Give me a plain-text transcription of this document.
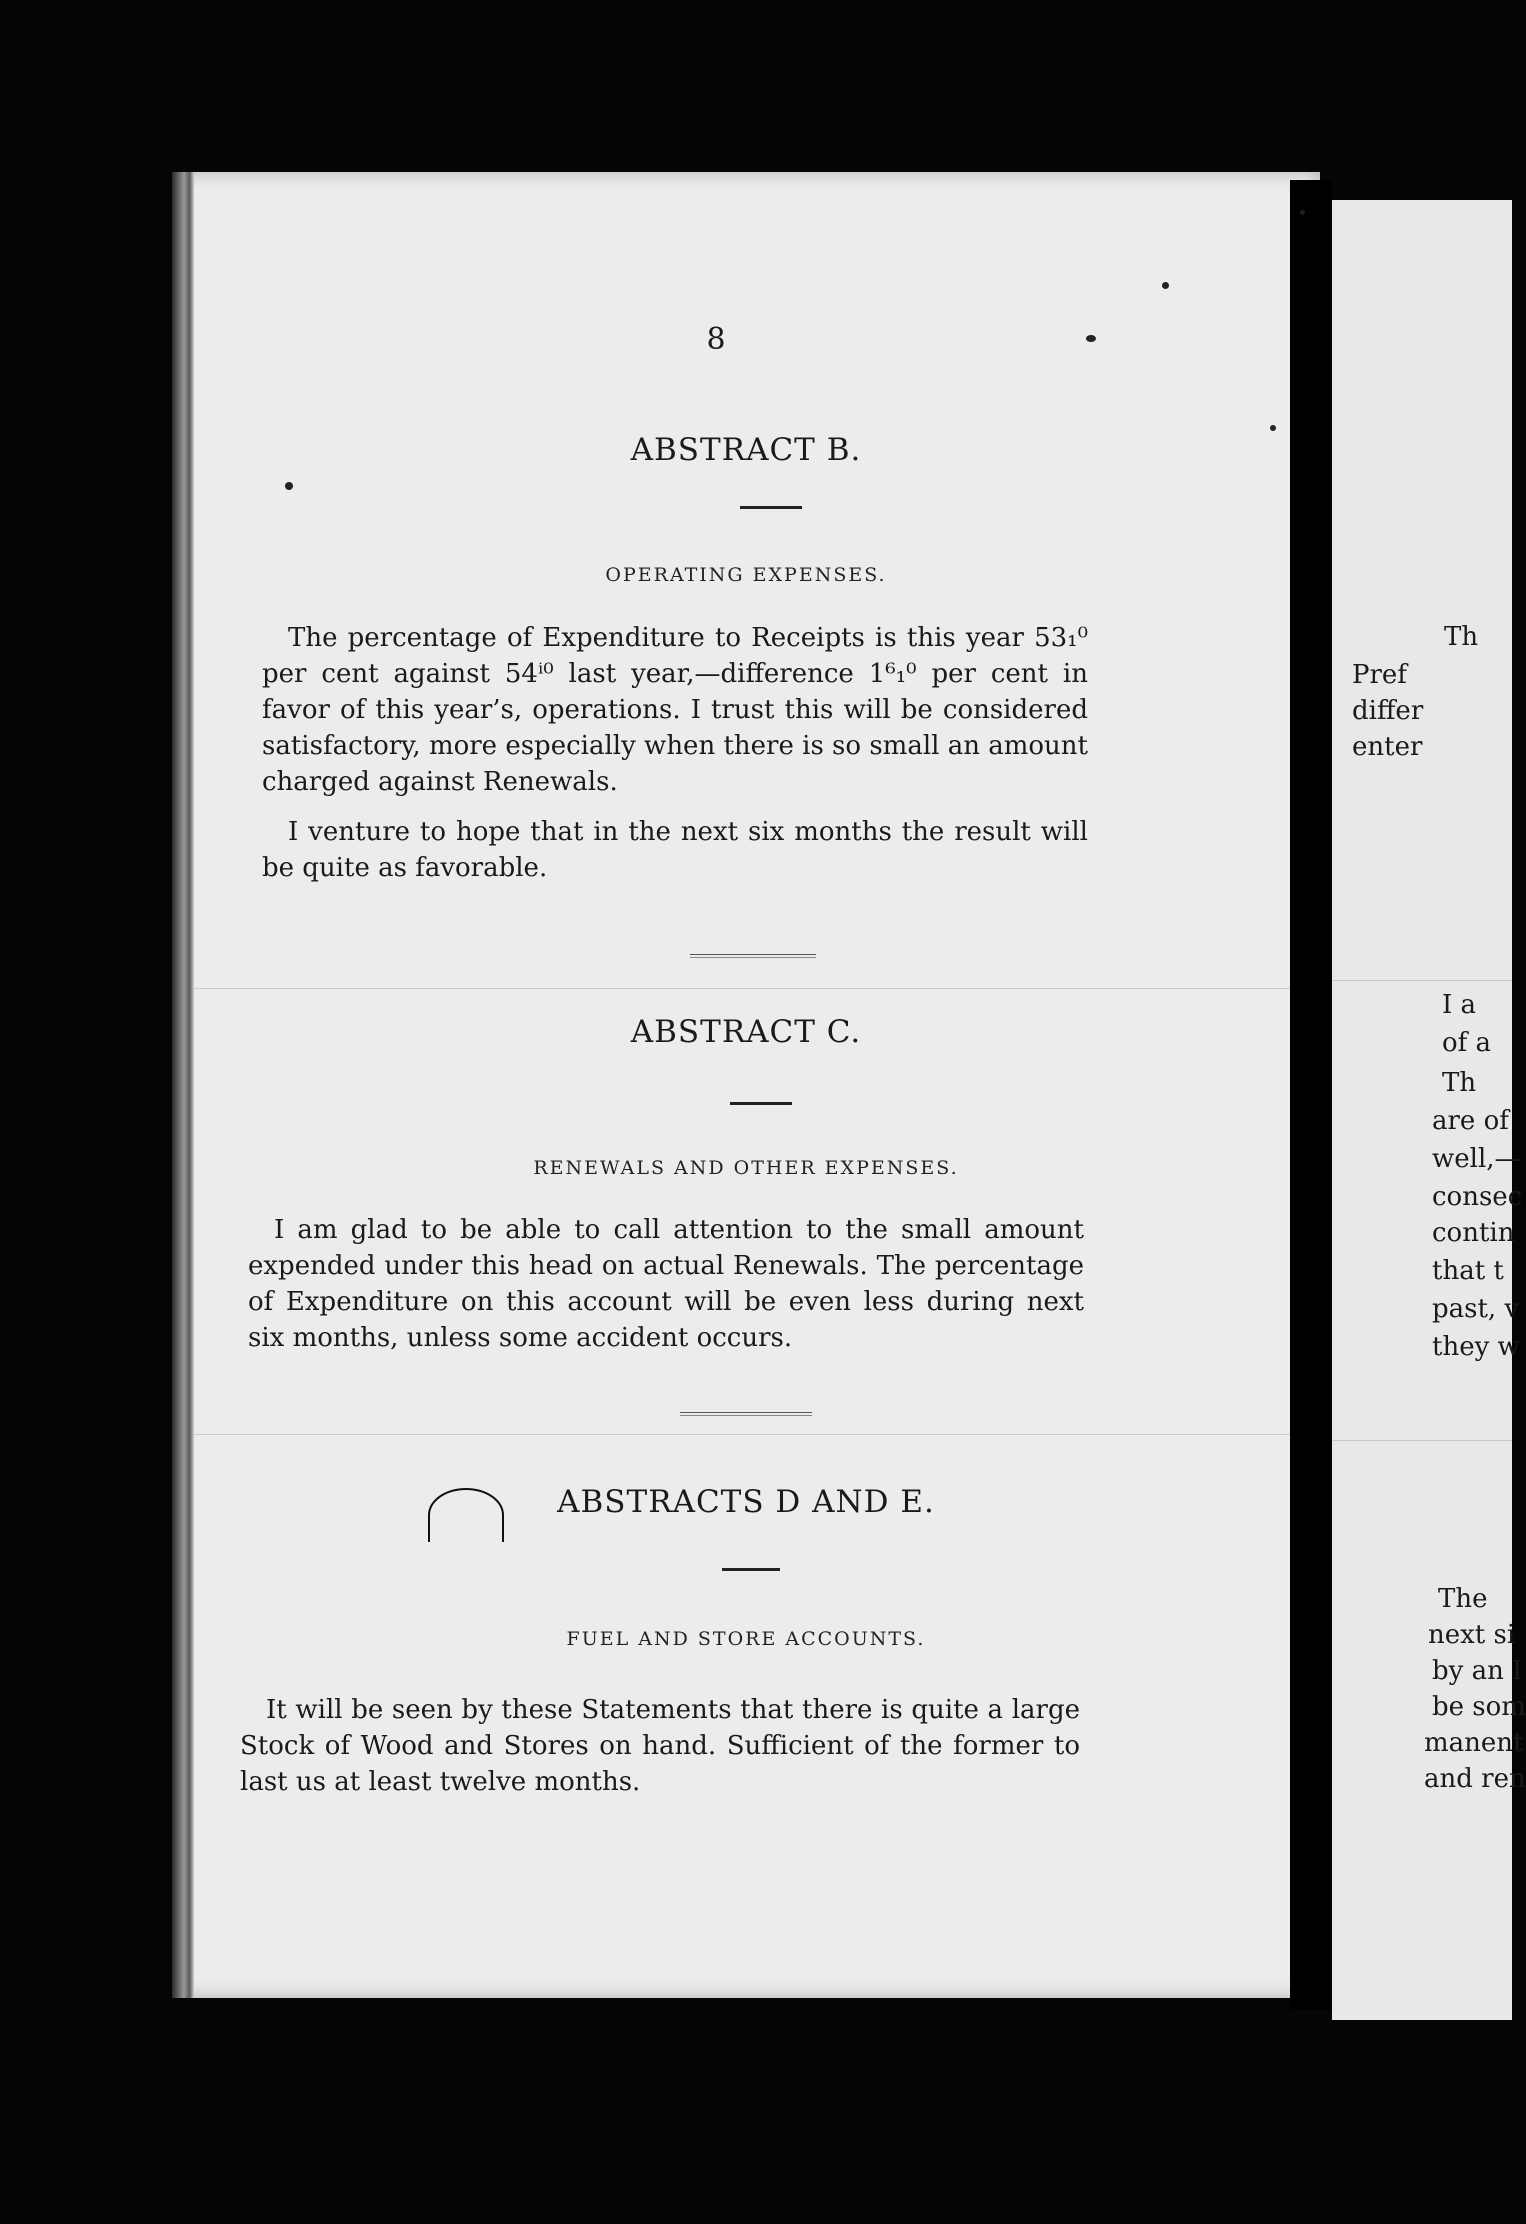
8
ABSTRACT B.
OPERATING EXPENSES.
The percentage of Expenditure to Receipts is this year 53₁⁰ per cent against 54ⁱ⁰ last year,—difference 1⁶₁⁰ per cent in favor of this year’s, operations. I trust this will be considered satisfactory, more especially when there is so small an amount charged against Renewals.
I venture to hope that in the next six months the result will be quite as favorable.
ABSTRACT C.
RENEWALS AND OTHER EXPENSES.
I am glad to be able to call attention to the small amount expended under this head on actual Renewals. The percentage of Expenditure on this account will be even less during next six months, unless some accident occurs.
ABSTRACTS D AND E.
FUEL AND STORE ACCOUNTS.
It will be seen by these Statements that there is quite a large Stock of Wood and Stores on hand. Sufficient of the former to last us at least twelve months.
Th
Pref
differ
enter
I a
of a
Th
are of
well,—
consec
contin
that t
past, v
they w
The
next si
by an I
be som
manent
and ren
